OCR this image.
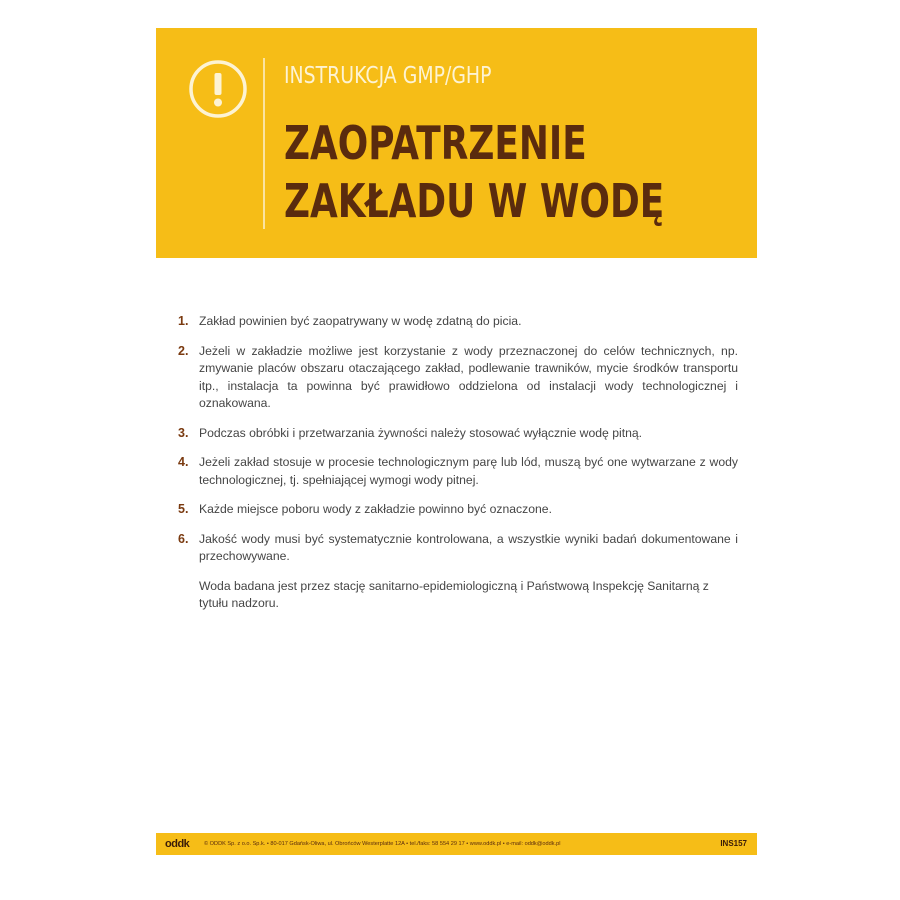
INSTRUKCJA GMP/GHP
ZAOPATRZENIE
ZAKŁADU W WODĘ
1. Zakład powinien być zaopatrywany w wodę zdatną do picia.
2. Jeżeli w zakładzie możliwe jest korzystanie z wody przeznaczonej do celów technicznych, np. zmywanie placów obszaru otaczającego zakład, podlewanie trawników, mycie środków transportu itp., instalacja ta powinna być prawidłowo oddzielona od instalacji wody technologicznej i oznakowana.
3. Podczas obróbki i przetwarzania żywności należy stosować wyłącznie wodę pitną.
4. Jeżeli zakład stosuje w procesie technologicznym parę lub lód, muszą być one wytwarzane z wody technologicznej, tj. spełniającej wymogi wody pitnej.
5. Każde miejsce poboru wody z zakładzie powinno być oznaczone.
6. Jakość wody musi być systematycznie kontrolowana, a wszystkie wyniki badań dokumentowane i przechowywane.
Woda badana jest przez stację sanitarno-epidemiologiczną i Państwową Inspekcję Sanitarną z tytułu nadzoru.
oddk	© ODDK Sp. z o.o. Sp.k. • 80-017 Gdańsk-Oliwa, ul. Obrońców Westerplatte 12A • tel./faks: 58 554 29 17 • www.oddk.pl • e-mail: oddk@oddk.pl	INS157
